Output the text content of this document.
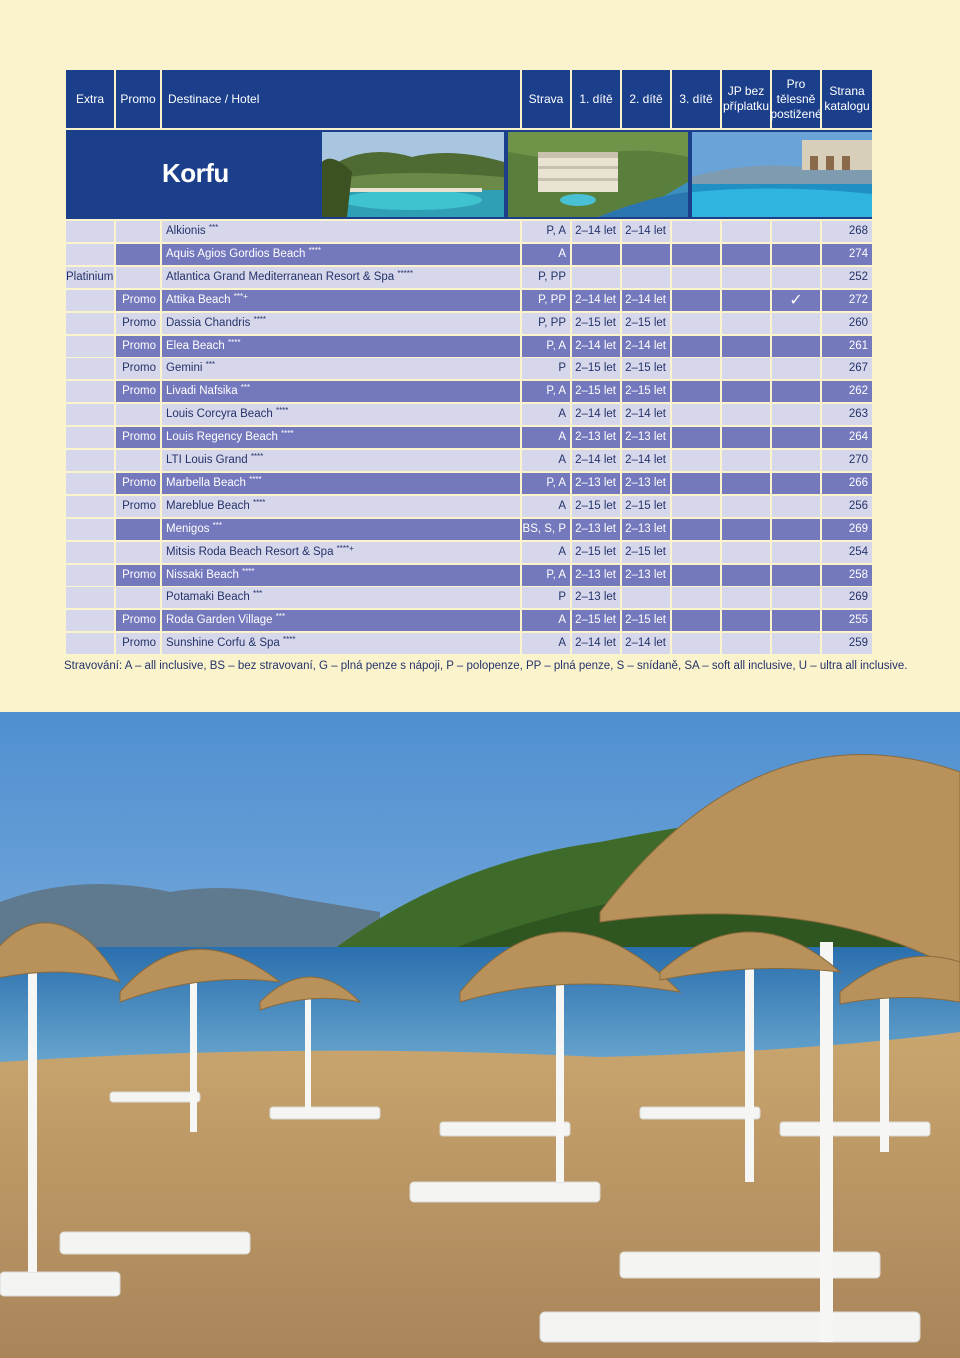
Extra Promo Destinace / Hotel	Strava 1. dítě 2. dítě 3. dítě
JP bez
příplatku
Pro
tělesně
postižené
Strana
katalogu
Korfu
Alkionis ***	P, A 2–14 let 2–14 let	268
Aquis Agios Gordios Beach ****	A	274
Platinium	Atlantica Grand Mediterranean Resort & Spa *****	P, PP	252
Promo Attika Beach ***+	P, PP 2–14 let 2–14 let	✓	272
Promo Dassia Chandris ****	P, PP 2–15 let 2–15 let	260
Promo Elea Beach ****	P, A 2–14 let 2–14 let	261
Promo Gemini ***	P 2–15 let 2–15 let	267
Promo Livadi Nafsika ***	P, A 2–15 let 2–15 let	262
Louis Corcyra Beach ****	A 2–14 let 2–14 let	263
Promo Louis Regency Beach ****	A 2–13 let 2–13 let	264
LTI Louis Grand ****	A 2–14 let 2–14 let	270
Promo Marbella Beach ****	P, A 2–13 let 2–13 let	266
Promo Mareblue Beach ****	A 2–15 let 2–15 let	256
Menigos ***	BS, S, P 2–13 let 2–13 let	269
Mitsis Roda Beach Resort & Spa ****+	A 2–15 let 2–15 let	254
Promo Nissaki Beach ****	P, A 2–13 let 2–13 let	258
Potamaki Beach ***	P 2–13 let	269
Promo Roda Garden Village ***	A 2–15 let 2–15 let	255
Promo Sunshine Corfu & Spa ****	A 2–14 let 2–14 let	259
Stravování: A – all inclusive, BS – bez stravovaní, G – plná penze s nápoji, P – polopenze, PP – plná penze, S – snídaně, SA – soft all inclusive, U – ultra all inclusive.
